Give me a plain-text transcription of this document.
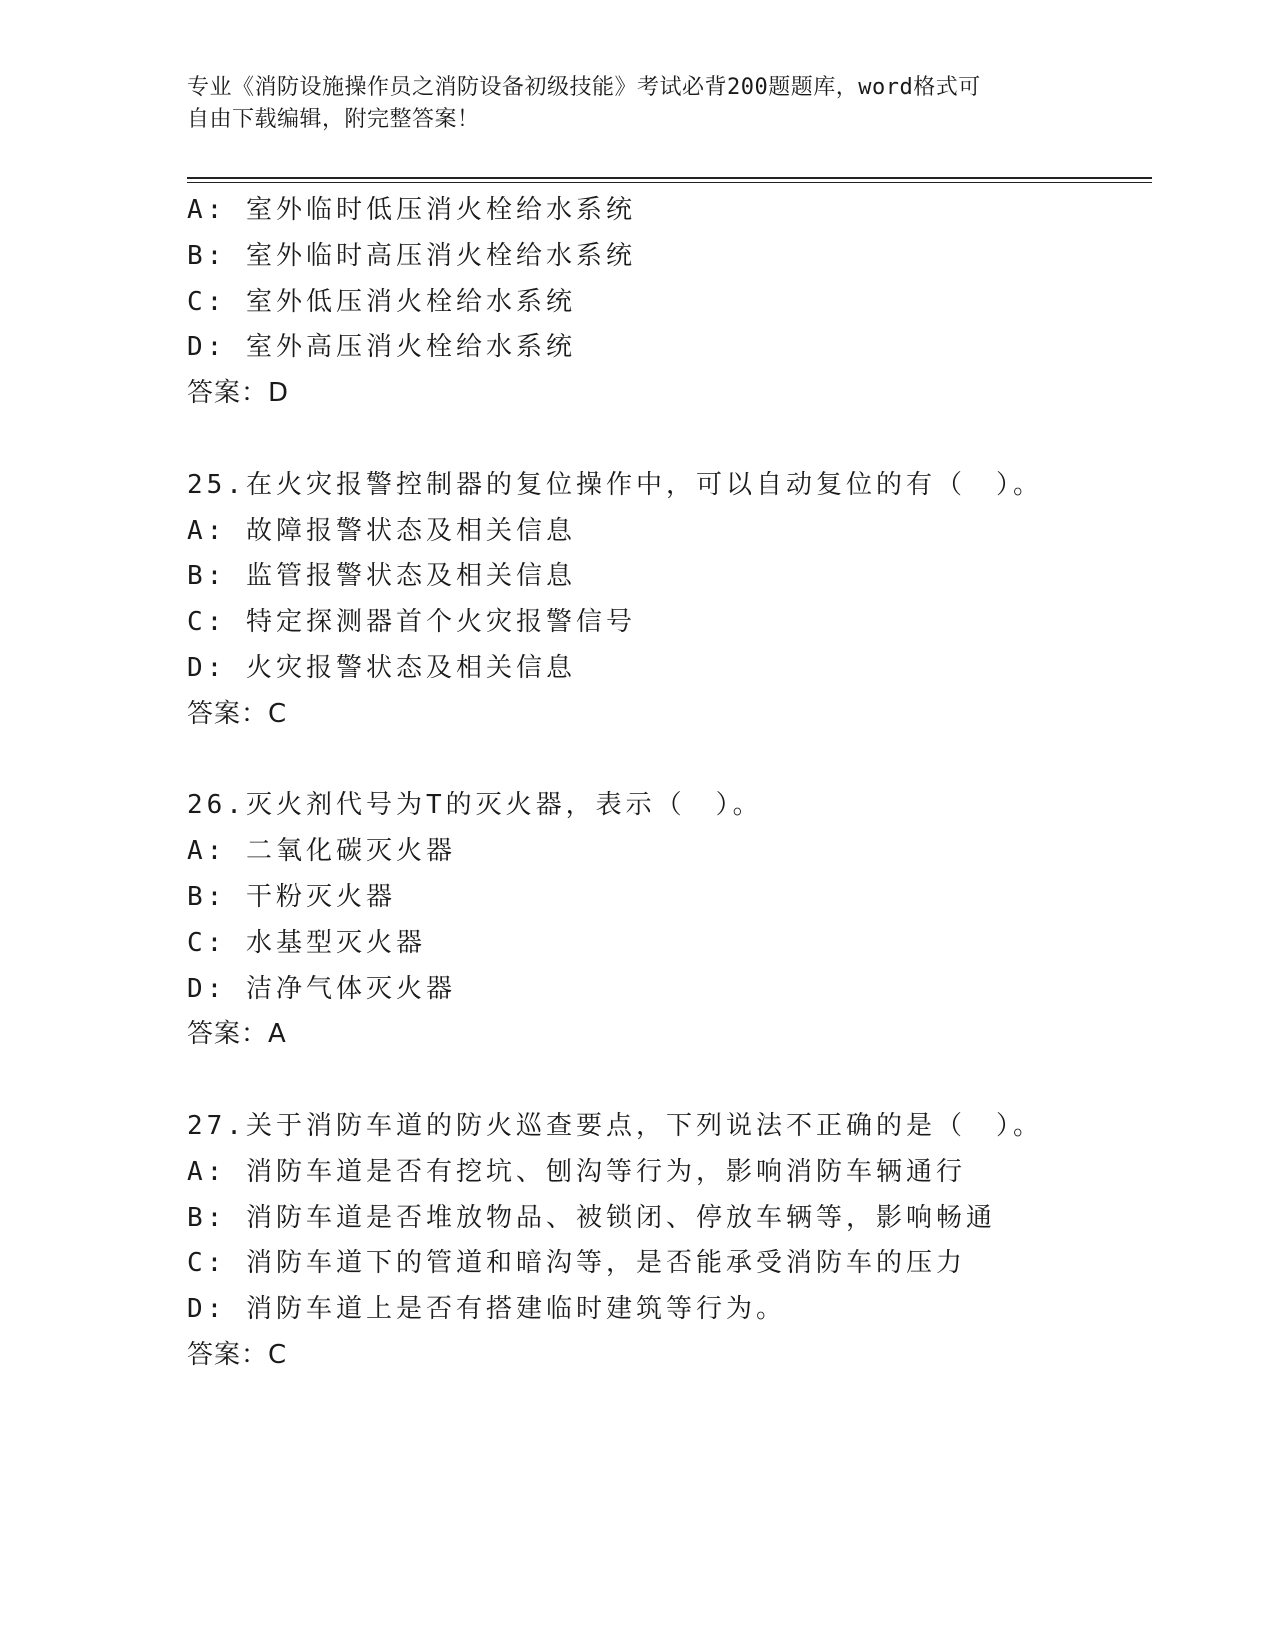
专业《消防设施操作员之消防设备初级技能》考试必背200题题库，word格式可
自由下载编辑，附完整答案！
A: 室外临时低压消火栓给水系统
B: 室外临时高压消火栓给水系统
C: 室外低压消火栓给水系统
D: 室外高压消火栓给水系统
答案：D
25.在火灾报警控制器的复位操作中，可以自动复位的有（　）。
A: 故障报警状态及相关信息
B: 监管报警状态及相关信息
C: 特定探测器首个火灾报警信号
D: 火灾报警状态及相关信息
答案：C
26.灭火剂代号为T的灭火器，表示（　）。
A: 二氧化碳灭火器
B: 干粉灭火器
C: 水基型灭火器
D: 洁净气体灭火器
答案：A
27.关于消防车道的防火巡查要点，下列说法不正确的是（　）。
A: 消防车道是否有挖坑、刨沟等行为，影响消防车辆通行
B: 消防车道是否堆放物品、被锁闭、停放车辆等，影响畅通
C: 消防车道下的管道和暗沟等，是否能承受消防车的压力
D: 消防车道上是否有搭建临时建筑等行为。
答案：C
